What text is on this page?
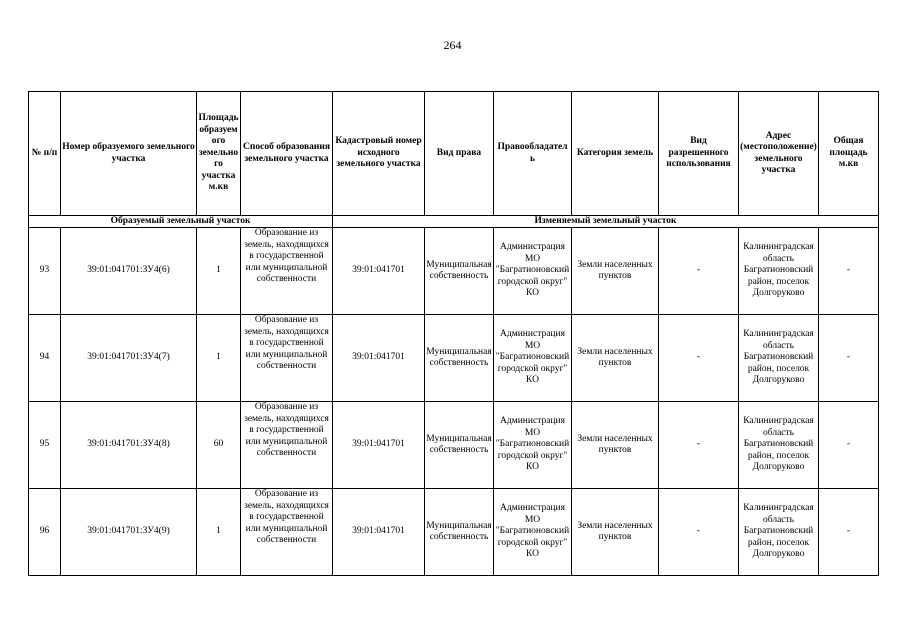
264
№ п/п	Номер образуемого земельного участка	Площадь образуемого земельного участка м.кв	Способ образования земельного участка	Кадастровый номер исходного земельного участка	Вид права	Правообладатель	Категория земель	Вид разрешенного использования	Адрес (местоположение) земельного участка	Общая площадь м.кв
Образуемый земельный участок				Изменяемый земельный участок						
93	39:01:041701:ЗУ4(6)	1	Образование из земель, находящихся в государственной или муниципальной собственности	39:01:041701	Муниципальная собственность	Администрация МО "Багратионовский городской округ" КО	Земли населенных пунктов	-	Калининградская область Багратионовский район, поселок Долгоруково	-
94	39:01:041701:ЗУ4(7)	1	Образование из земель, находящихся в государственной или муниципальной собственности	39:01:041701	Муниципальная собственность	Администрация МО "Багратионовский городской округ" КО	Земли населенных пунктов	-	Калининградская область Багратионовский район, поселок Долгоруково	-
95	39:01:041701:ЗУ4(8)	60	Образование из земель, находящихся в государственной или муниципальной собственности	39:01:041701	Муниципальная собственность	Администрация МО "Багратионовский городской округ" КО	Земли населенных пунктов	-	Калининградская область Багратионовский район, поселок Долгоруково	-
96	39:01:041701:ЗУ4(9)	1	Образование из земель, находящихся в государственной или муниципальной собственности	39:01:041701	Муниципальная собственность	Администрация МО "Багратионовский городской округ" КО	Земли населенных пунктов	-	Калининградская область Багратионовский район, поселок Долгоруково	-
